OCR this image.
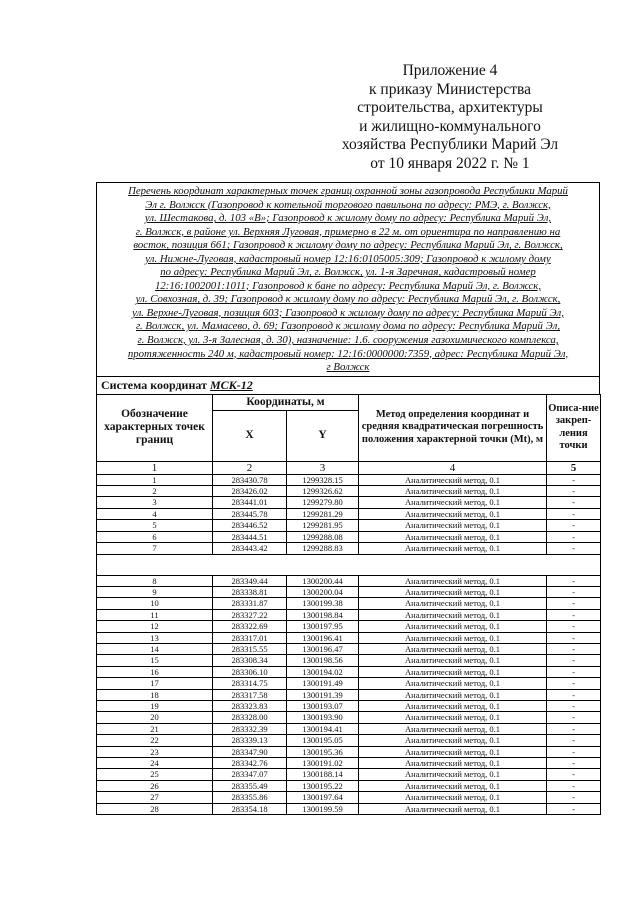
Приложение 4
к приказу Министерства
строительства, архитектуры
и жилищно-коммунального
хозяйства Республики Марий Эл
от 10 января 2022 г. № 1
Перечень координат характерных точек границ охранной зоны газопровода Республики Марий
Эл г. Волжск (Газопровод к котельной торгового павильона по адресу: РМЭ, г. Волжск,
ул. Шестакова, д. 103 «В»; Газопровод к жилому дому по адресу: Республика Марий Эл,
г. Волжск, в районе ул. Верхняя Луговая, примерно в 22 м. от ориентира по направлению на
восток, позиция 661; Газопровод к жилому дому по адресу: Республика Марий Эл, г. Волжск,
ул. Нижне-Луговая, кадастровый номер 12:16:0105005:309; Газопровод к жилому дому
по адресу: Республика Марий Эл, г. Волжск, ул. 1-я Заречная, кадастровый номер
12:16:1002001:1011; Газопровод к бане по адресу: Республика Марий Эл, г. Волжск,
ул. Совхозная, д. 39; Газопровод к жилому дому по адресу: Республика Марий Эл, г. Волжск,
ул. Верхне-Луговая, позиция 603; Газопровод к жилому дому по адресу: Республика Марий Эл,
г. Волжск, ул. Мамасево, д. 69; Газопровод к жилому дома по адресу: Республика Марий Эл,
г. Волжск, ул. 3-я Залесная, д. 30), назначение: 1.6. сооружения газохимического комплекса,
протяженность 240 м, кадастровый номер: 12:16:0000000:7359, адрес: Республика Марий Эл,
г Волжск
Система координат МСК-12
Обозначение характерных точек границ	Координаты, м		Метод определения координат и средняя квадратическая погрешность положения характерной точки (Mt), м	Описа-ние закреп-ления точки
	X	Y		
1	2	3	4	5
1	283430.78	1299328.15	Аналитический метод, 0.1	-
2	283426.02	1299326.62	Аналитический метод, 0.1	-
3	283441.01	1299279.80	Аналитический метод, 0.1	-
4	283445.78	1299281.29	Аналитический метод, 0.1	-
5	283446.52	1299281.95	Аналитический метод, 0.1	-
6	283444.51	1299288.08	Аналитический метод, 0.1	-
7	283443.42	1299288.83	Аналитический метод, 0.1	-

8	283349.44	1300200.44	Аналитический метод, 0.1	-
9	283338.81	1300200.04	Аналитический метод, 0.1	-
10	283331.87	1300199.38	Аналитический метод, 0.1	-
11	283327.22	1300198.84	Аналитический метод, 0.1	-
12	283322.69	1300197.95	Аналитический метод, 0.1	-
13	283317.01	1300196.41	Аналитический метод, 0.1	-
14	283315.55	1300196.47	Аналитический метод, 0.1	-
15	283308.34	1300198.56	Аналитический метод, 0.1	-
16	283306.10	1300194.02	Аналитический метод, 0.1	-
17	283314.75	1300191.49	Аналитический метод, 0.1	-
18	283317.58	1300191.39	Аналитический метод, 0.1	-
19	283323.83	1300193.07	Аналитический метод, 0.1	-
20	283328.00	1300193.90	Аналитический метод, 0.1	-
21	283332.39	1300194.41	Аналитический метод, 0.1	-
22	283339.13	1300195.05	Аналитический метод, 0.1	-
23	283347.90	1300195.36	Аналитический метод, 0.1	-
24	283342.76	1300191.02	Аналитический метод, 0.1	-
25	283347.07	1300188.14	Аналитический метод, 0.1	-
26	283355.49	1300195.22	Аналитический метод, 0.1	-
27	283355.86	1300197.64	Аналитический метод, 0.1	-
28	283354.18	1300199.59	Аналитический метод, 0.1	-
